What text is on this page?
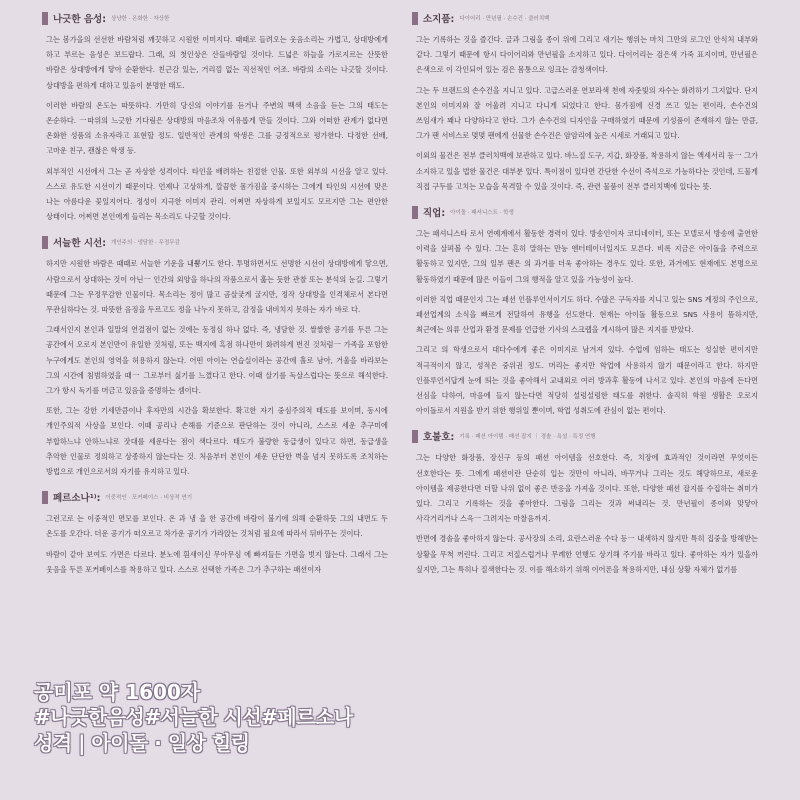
나긋한 음성: 상냥한 · 온화한 · 자상한

그는 봄가을의 선선한 바람처럼 깨끗하고 시원한 이미지다. 때때로 들려오는 웃음소리는 가볍고, 상대방에게 하고 부르는 음성은 보드랍다. 그래, 의 첫인상은 산들바람일 것이다. 드넓은 하늘을 가로지르는 산뜻한 바람은 상대방에게 닿아 순환한다. 친근감 있는, 거리낌 없는 직선적인 어조. 바람의 소리는 나긋할 것이다. 상대방을 편하게 대하고 있음이 분명한 태도.

이러한 바람의 온도는 따뜻하다. 가만히 당신의 이야기를 듣거나 주변의 백색 소음을 듣는 그의 태도는 온순하다. 一따위의 느긋한 기다림은 상대방의 마음조차 여유롭게 만들 것이다. 그와 어떠한 관계가 없다면 온화한 성품의 소유자라고 표현할 정도. 일반적인 관계의 학생은 그를 긍정적으로 평가한다. 다정한 선배, 고마운 친구, 괜찮은 학생 등.

외부적인 시선에서 그는 곧 자상한 성격이다. 타인을 배려하는 친절한 인물. 또한 외부의 시선을 알고 있다. 스스로 유도한 시선이기 때문이다. 언제나 고상하게, 깔끔한 몸가짐을 중시하는 그에게 타인의 시선에 맞은 나는 아름다운 꽃일지어다. 정성이 지극한 이미지 관리. 어쩌면 자상하게 보일지도 모르지만 그는 편안한 상태이다. 어쩌면 본인에게 들리는 목소리도 나긋할 것이다.

서늘한 시선: 개인주의 · 냉담한 · 무정무감

하지만 시원한 바람은 때때로 서늘한 기운을 내뿜기도 한다. 투명하면서도 선명한 시선이 상대방에게 닿으면, 사람으로서 상대하는 것이 아닌一 인간의 외양을 하나의 작품으로서 훑는 듯한 관찰 또는 분석의 눈길. 그렇기 때문에 그는 무정무감한 인물이다. 목소리는 정이 많고 곰살궂게 굴지만, 정작 상대방을 인격체로서 본다면 무관심하다는 것. 따뜻한 음징을 두르고도 정을 나누지 못하고, 감정을 내비치지 못하는 자가 바로 다.

그래서인지 본인과 일말의 연결점이 없는 것에는 동정심 하나 없다. 즉, 냉담한 것. 쌀쌀한 공기를 두른 그는 공간에서 오로지 본인만이 유일한 것처럼, 또는 백지에 흑점 하나만이 화려하게 번진 것처럼一 가족을 포함한 누구에게도 본인의 영역을 허용하지 않는다. 어떤 아이는 연습실이라는 공간에 홀로 남아, 거울을 바라보는 그의 시간에 침범하였을 때一 그로부터 싫기를 느꼈다고 한다. 이때 살기를 독살스럽다는 뜻으로 해석한다. 그가 항시 독기를 머금고 있음을 증명하는 셈이다.

또한, 그는 강한 기세만큼이나 후자만의 시간을 확보한다. 확고한 자기 중심주의적 태도를 보이며, 동시에 개인주의적 사상을 보인다. 이때 공리나 손해를 기준으로 판단하는 것이 아니라, 스스로 세운 추구미에 부합하느냐 안하느냐로 잣대를 세운다는 점이 색다르다. 태도가 불량한 동급생이 있다고 하면, 동급생을 추악한 인물로 정의하고 상종하지 않는다는 것. 처음부터 본인이 세운 단단한 벽을 넘지 못하도록 조치하는 방법으로 개인으로서의 자기를 유지하고 있다.

페르소나¹⁾: 이중적인 · 포커페이스 · 비상적 연기

그런고로 는 이중적인 면모를 보인다. 온 과 냉 을 한 공간에 바람이 불기에 의해 순환하듯 그의 내면도 두 온도를 오간다. 더운 공기가 떠오르고 차가운 공기가 가라앉는 것처럼 필요에 따라서 뒤바꾸는 것이다.

바람이 같아 보여도 가면은 다르다. 분노에 흰새이신 무아무심 에 빠져들든 가면을 벗지 않는다. 그래서 그는 웃음을 두른 포커페이스를 착용하고 있다. 스스로 선택한 가족은 그가 추구하는 패션이자

소지품: 다이어리 · 만년필 · 손수건 · 클러치백

그는 기록하는 것을 즐긴다. 글과 그림을 종이 위에 그리고 새기는 행위는 마치 그만의 로그인 안식처 내부와 같다. 그렇기 때문에 항시 다이어리와 만년필을 소지하고 있다. 다이어리는 검은색 가죽 표지이며, 만년필은 은색으로 이 각인되어 있는 검은 몸통으로 잉크는 감청색이다.

그는 두 브랜드의 손수건을 지니고 있다. 고급스러운 연보라색 천에 자줏빛의 자수는 화려하기 그지없다. 단지 본인의 이미지와 잘 어울려 지니고 다니게 되었다고 한다. 몸가짐에 신경 쓰고 있는 편이라, 손수건의 쓰임새가 꽤나 다양하다고 한다. 그가 손수건의 디자인을 구매하였기 때문에 기성품이 존재하지 않는 만큼, 그가 팬 서비스로 몇몇 팬에게 선물한 손수건은 암암리에 높은 시세로 거래되고 있다.

이외의 물건은 전부 클러치백에 보관하고 있다. 바느질 도구, 지갑, 화장품, 착용하지 않는 액세서리 등一 그가 소지하고 있을 법한 물건은 대부분 있다. 특이점이 있다면 간단한 수선이 즉석으로 가능하다는 것인데, 드물게 직접 구두를 고치는 모습을 목격할 수 있을 것이다. 즉, 관련 물품이 전부 클러치백에 있다는 뜻.

직업: 아이돌 · 패셔니스트 · 학생

그는 패셔니스타 로서 연예계에서 활동한 경력이 있다. 방송인이자 코디네이터, 또는 모델로서 방송에 출연한 이력을 살펴볼 수 있다. 그는 흔히 말하는 만능 엔터테이너일지도 모른다. 비록 지금은 아이돌을 주력으로 활동하고 있지만, 그의 일부 팬은 의 과거를 더욱 좋아하는 경우도 있다. 또한, 과거에도 현재에도 본명으로 활동하였기 때문에 많은 이들이 그의 행적을 알고 있을 가능성이 높다.

이러한 직업 때문인지 그는 패션 인플루언서이기도 하다. 수많은 구독자를 지니고 있는 SNS 계정의 주인으로, 패션업계의 소식을 빠르게 전달하여 유행을 선도한다. 현재는 아이돌 활동으로 SNS 사용이 뜸하지만, 최근에는 의류 산업과 환경 문제를 언급한 기사의 스크랩을 게시하여 많은 지지를 받았다.

그리고 의 학생으로서 대다수에게 좋은 이미지로 남겨져 있다. 수업에 임하는 태도는 성실한 편이지만 적극적이지 않고, 성적은 중위권 정도. 머리는 좋지만 학업에 사용하지 않기 때문이라고 한다. 하지만 인플루언서답게 눈에 띄는 것을 좋아해서 교내외로 여러 방과후 활동에 나서고 있다. 본인의 마음에 든다면 선심을 다하여, 마음에 들지 않는다면 적당히 설렁설렁한 태도를 취한다. 솔직히 학원 생활은 오로지 아이돌로서 지원을 받기 위한 행위일 뿐이며, 학업 성취도에 관심이 없는 편이다.

호불호: 기록 · 패션 아이템 · 패션 잡지 ｜ 경솔 · 욕설 · 특정 연행

그는 다양한 화장품, 장신구 등의 패션 아이템을 선호한다. 즉, 치장에 효과적인 것이라면 무엇이든 선호한다는 뜻. 그에게 패션이란 단순히 입는 것만이 아니라, 바꾸거나 그리는 것도 해당하므로, 새로운 아이템을 제공한다면 더할 나위 없이 좋은 반응을 가져올 것이다. 또한, 다양한 패션 잡지를 수집하는 취미가 있다. 그리고 기록하는 것을 좋아한다. 그림을 그리는 것과 써내리는 것. 만년필이 종이와 맞닿아 사각거리거나 스윽一 그려지는 마찰음까지.

반면에 경솔을 좋아하지 않는다. 공사장의 소리, 요란스러운 수다 등一 내색하지 않지만 특히 집중을 방해받는 상황을 무척 꺼린다. 그리고 저질스럽거나 무례한 언행도 상기해 주기를 바라고 있다. 좋아하는 자가 있을까 싶지만, 그는 특히나 질색한다는 것. 이를 해소하기 위해 이어폰을 착용하지만, 내심 상황 자체가 없기를

공미포 약 1600자
#나긋한음성#서늘한 시선#페르소나
성격 | 아이돌 · 일상 힐링
